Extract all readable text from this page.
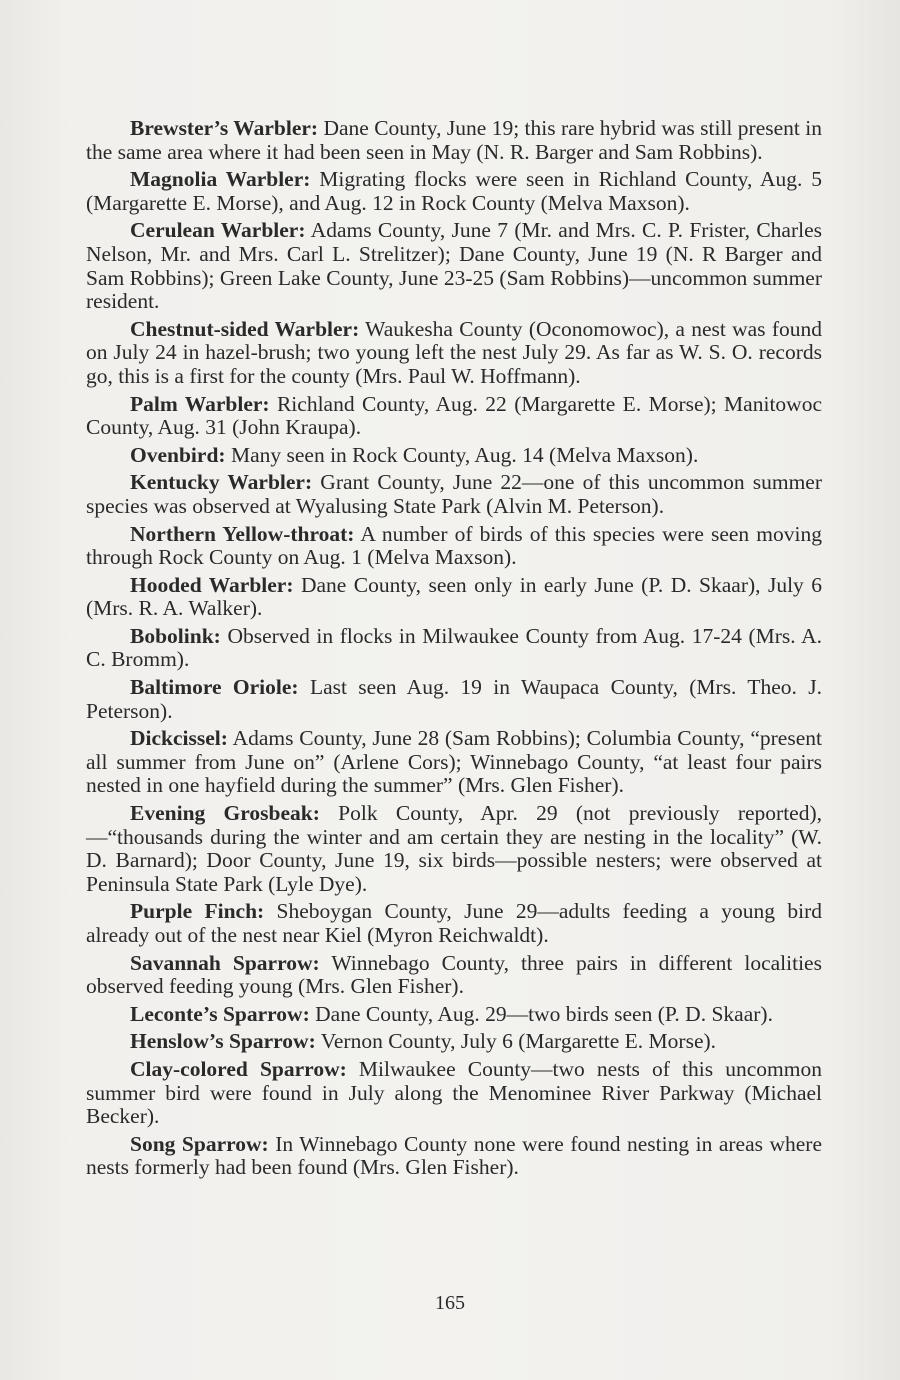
Brewster’s Warbler: Dane County, June 19; this rare hybrid was still present in the same area where it had been seen in May (N. R. Barger and Sam Robbins).

Magnolia Warbler: Migrating flocks were seen in Richland County, Aug. 5 (Margarette E. Morse), and Aug. 12 in Rock County (Melva Maxson).

Cerulean Warbler: Adams County, June 7 (Mr. and Mrs. C. P. Frister, Charles Nelson, Mr. and Mrs. Carl L. Strelitzer); Dane County, June 19 (N. R Barger and Sam Robbins); Green Lake County, June 23-25 (Sam Robbins)—uncommon summer resident.

Chestnut-sided Warbler: Waukesha County (Oconomowoc), a nest was found on July 24 in hazel-brush; two young left the nest July 29. As far as W. S. O. records go, this is a first for the county (Mrs. Paul W. Hoffmann).

Palm Warbler: Richland County, Aug. 22 (Margarette E. Morse); Manitowoc County, Aug. 31 (John Kraupa).

Ovenbird: Many seen in Rock County, Aug. 14 (Melva Maxson).

Kentucky Warbler: Grant County, June 22—one of this uncommon summer species was observed at Wyalusing State Park (Alvin M. Peterson).

Northern Yellow-throat: A number of birds of this species were seen moving through Rock County on Aug. 1 (Melva Maxson).

Hooded Warbler: Dane County, seen only in early June (P. D. Skaar), July 6 (Mrs. R. A. Walker).

Bobolink: Observed in flocks in Milwaukee County from Aug. 17-24 (Mrs. A. C. Bromm).

Baltimore Oriole: Last seen Aug. 19 in Waupaca County, (Mrs. Theo. J. Peterson).

Dickcissel: Adams County, June 28 (Sam Robbins); Columbia County, “present all summer from June on” (Arlene Cors); Winnebago County, “at least four pairs nested in one hayfield during the summer” (Mrs. Glen Fisher).

Evening Grosbeak: Polk County, Apr. 29 (not previously reported), —“thousands during the winter and am certain they are nesting in the locality” (W. D. Barnard); Door County, June 19, six birds—possible nesters; were observed at Peninsula State Park (Lyle Dye).

Purple Finch: Sheboygan County, June 29—adults feeding a young bird already out of the nest near Kiel (Myron Reichwaldt).

Savannah Sparrow: Winnebago County, three pairs in different localities observed feeding young (Mrs. Glen Fisher).

Leconte’s Sparrow: Dane County, Aug. 29—two birds seen (P. D. Skaar).

Henslow’s Sparrow: Vernon County, July 6 (Margarette E. Morse).

Clay-colored Sparrow: Milwaukee County—two nests of this uncommon summer bird were found in July along the Menominee River Parkway (Michael Becker).

Song Sparrow: In Winnebago County none were found nesting in areas where nests formerly had been found (Mrs. Glen Fisher).

165
